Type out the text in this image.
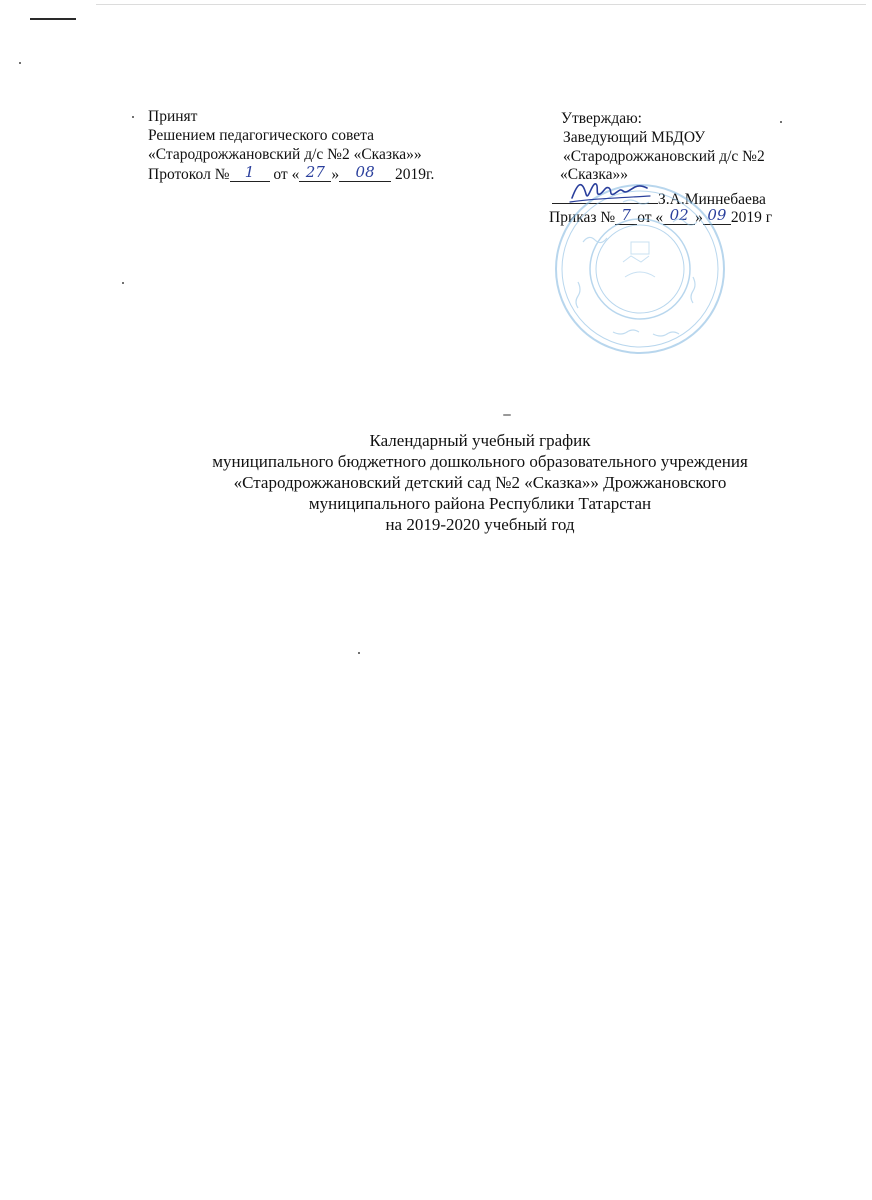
Принят
Решением педагогического совета
«Стародрожжановский д/с №2 «Сказка»»
Протокол № 1 от « 27 » 08 2019г.
Утверждаю:
Заведующий МБДОУ
«Стародрожжановский д/с №2
«Сказка»»
З.А.Миннебаева
Приказ № 7 от « 02 » 09 2019 г
Календарный учебный график
муниципального бюджетного дошкольного образовательного учреждения
«Стародрожжановский детский сад №2 «Сказка»» Дрожжановского
муниципального района Республики Татарстан
на 2019-2020 учебный год
